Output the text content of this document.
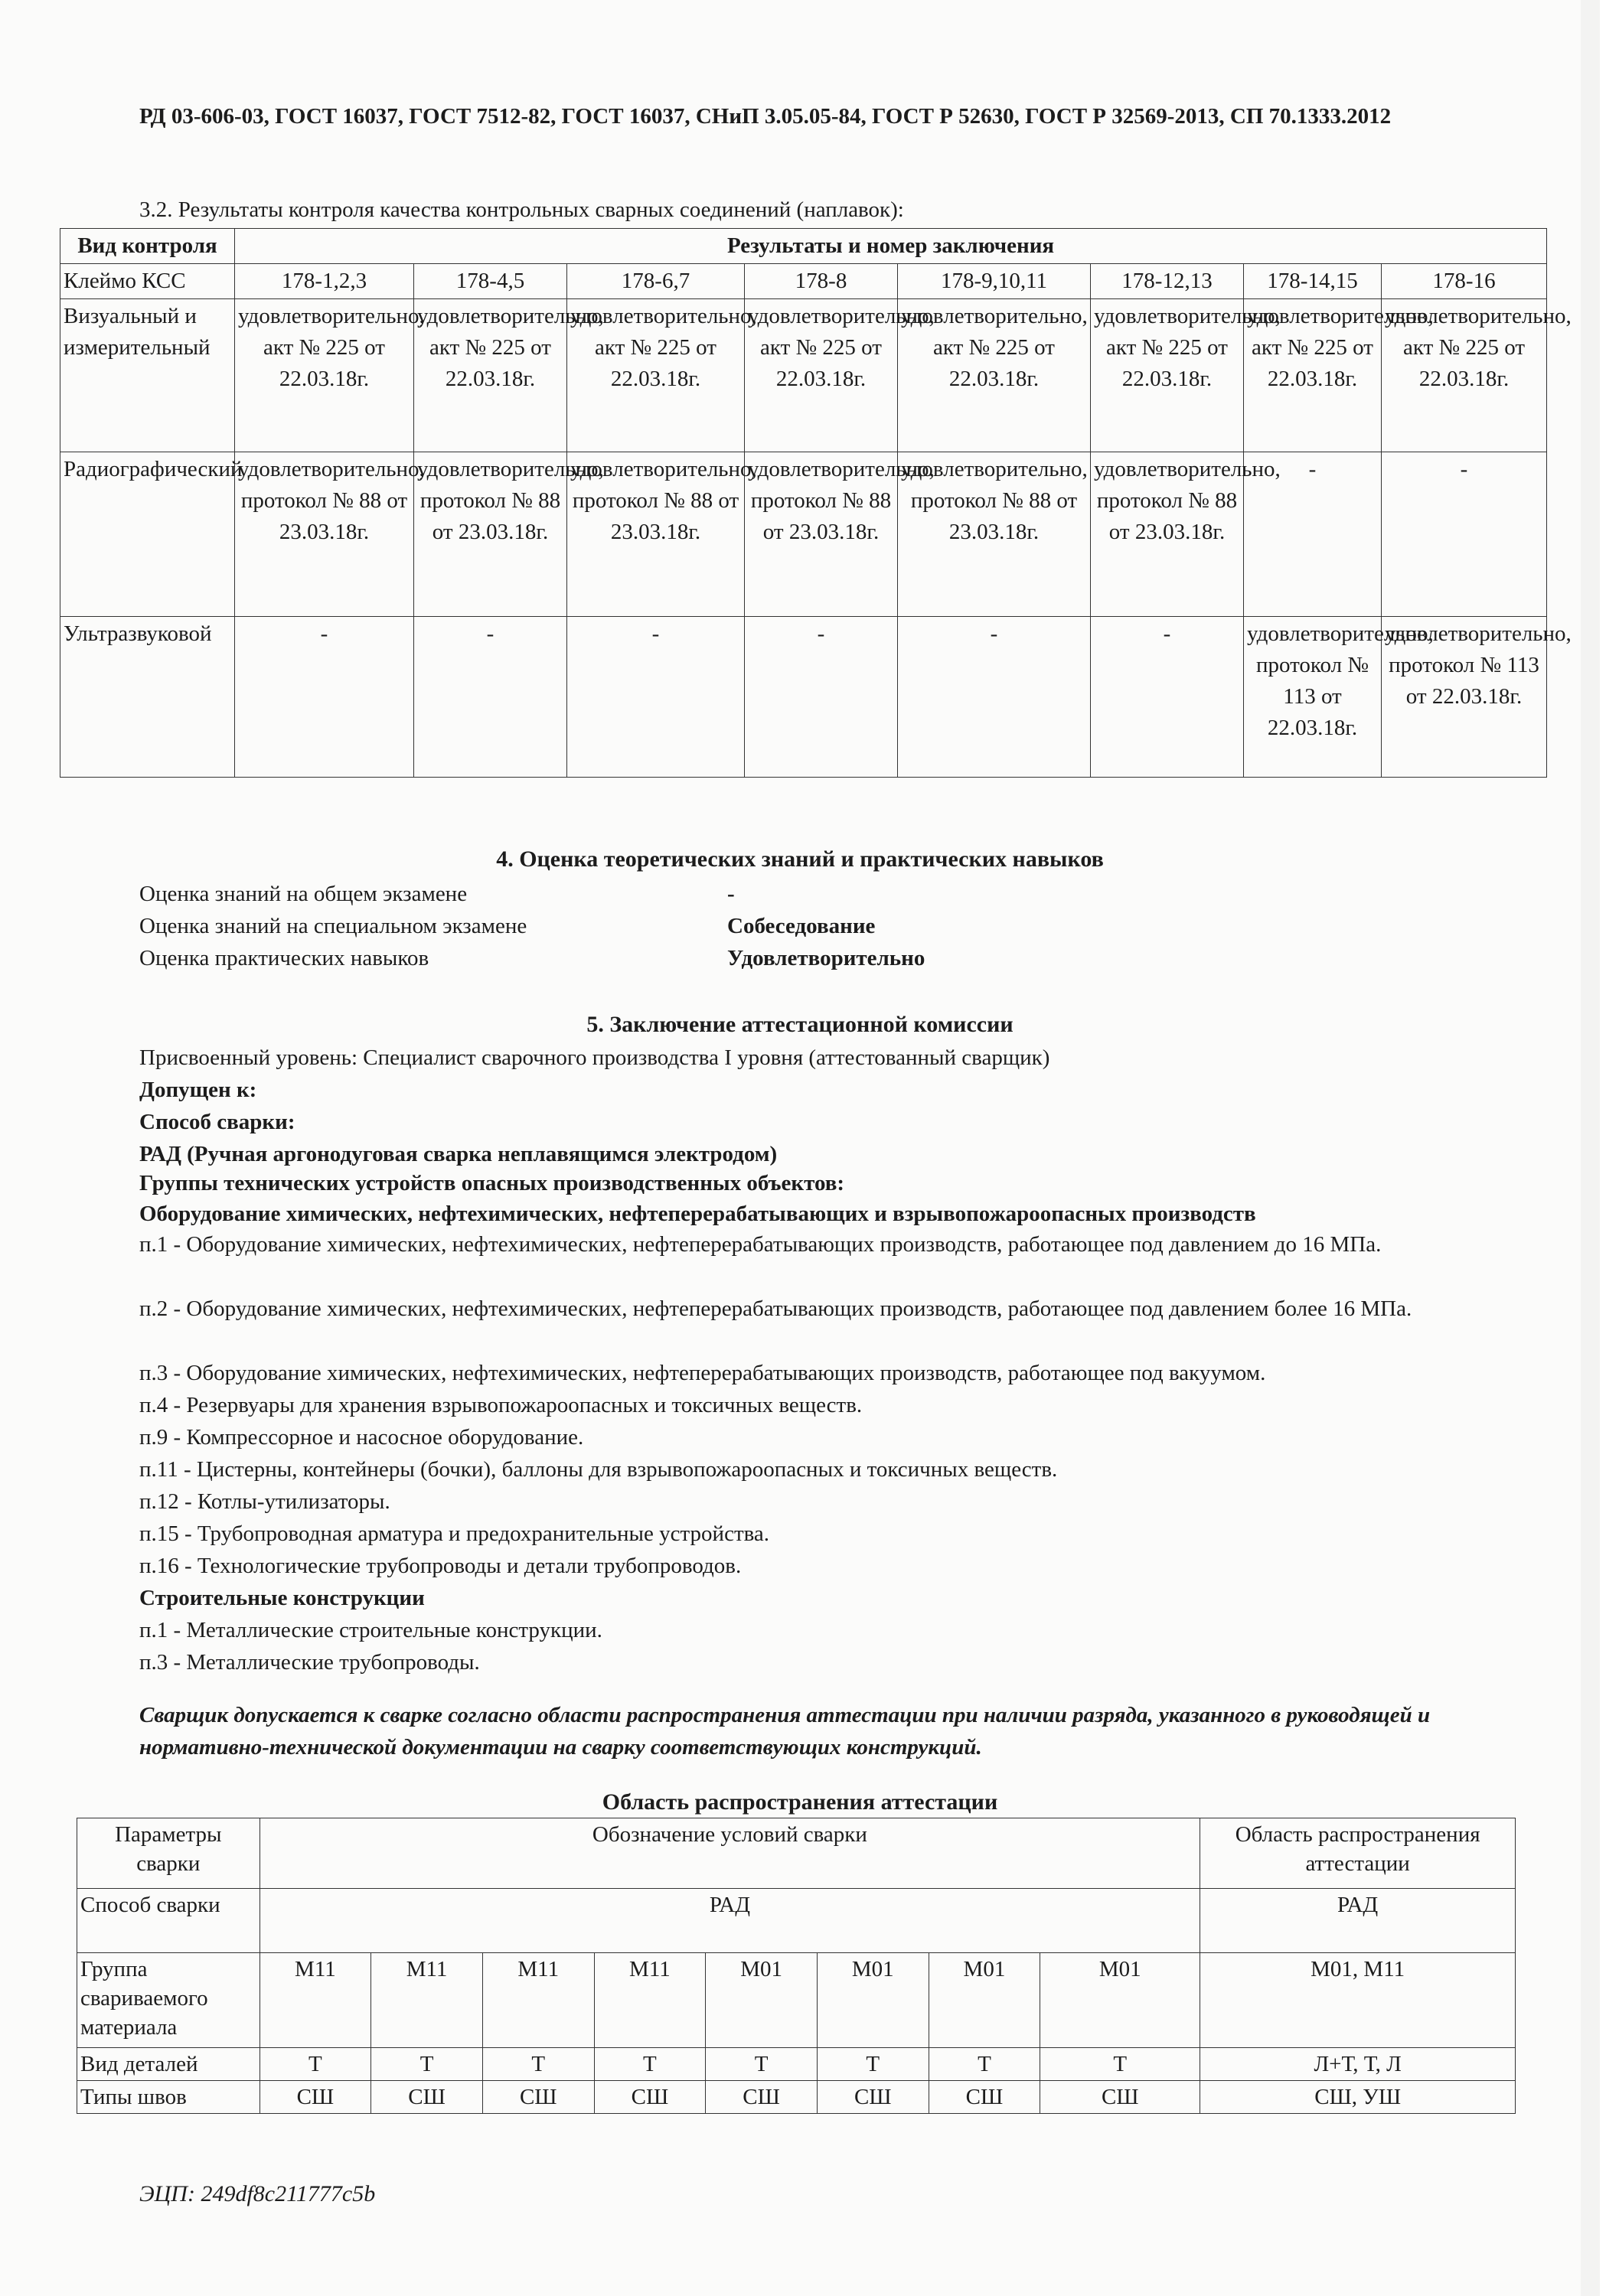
РД 03-606-03, ГОСТ 16037, ГОСТ 7512-82, ГОСТ 16037, СНиП 3.05.05-84, ГОСТ Р 52630, ГОСТ Р 32569-2013, СП 70.1333.2012
3.2. Результаты контроля качества контрольных сварных соединений (наплавок):
Вид контроля	Результаты и номер заключения							
Клеймо КСС	178-1,2,3	178-4,5	178-6,7	178-8	178-9,10,11	178-12,13	178-14,15	178-16
Визуальный и измерительный	удовлетворительно, акт № 225 от 22.03.18г.	удовлетворительно, акт № 225 от 22.03.18г.	удовлетворительно, акт № 225 от 22.03.18г.	удовлетворительно, акт № 225 от 22.03.18г.	удовлетворительно, акт № 225 от 22.03.18г.	удовлетворительно, акт № 225 от 22.03.18г.	удовлетворительно, акт № 225 от 22.03.18г.	удовлетворительно, акт № 225 от 22.03.18г.
Радиографический	удовлетворительно, протокол № 88 от 23.03.18г.	удовлетворительно, протокол № 88 от 23.03.18г.	удовлетворительно, протокол № 88 от 23.03.18г.	удовлетворительно, протокол № 88 от 23.03.18г.	удовлетворительно, протокол № 88 от 23.03.18г.	удовлетворительно, протокол № 88 от 23.03.18г.	-	-
Ультразвуковой	-	-	-	-	-	-	удовлетворительно, протокол № 113 от 22.03.18г.	удовлетворительно, протокол № 113 от 22.03.18г.
4. Оценка теоретических знаний и практических навыков
Оценка знаний на общем экзамене	-
Оценка знаний на специальном экзамене	Собеседование
Оценка практических навыков	Удовлетворительно
5. Заключение аттестационной комиссии
Присвоенный уровень: Специалист сварочного производства I уровня (аттестованный сварщик)
Допущен к:
Способ сварки:
РАД (Ручная аргонодуговая сварка неплавящимся электродом)
Группы технических устройств опасных производственных объектов:
Оборудование химических, нефтехимических, нефтеперерабатывающих и взрывопожароопасных производств
п.1 - Оборудование химических, нефтехимических, нефтеперерабатывающих производств, работающее под давлением до 16 МПа.
п.2 - Оборудование химических, нефтехимических, нефтеперерабатывающих производств, работающее под давлением более 16 МПа.
п.3 - Оборудование химических, нефтехимических, нефтеперерабатывающих производств, работающее под вакуумом.
п.4 - Резервуары для хранения взрывопожароопасных и токсичных веществ.
п.9 - Компрессорное и насосное оборудование.
п.11 - Цистерны, контейнеры (бочки), баллоны для взрывопожароопасных и токсичных веществ.
п.12 - Котлы-утилизаторы.
п.15 - Трубопроводная арматура и предохранительные устройства.
п.16 - Технологические трубопроводы и детали трубопроводов.
Строительные конструкции
п.1 - Металлические строительные конструкции.
п.3 - Металлические трубопроводы.
Сварщик допускается к сварке согласно области распространения аттестации при наличии разряда, указанного в руководящей и нормативно-технической документации на сварку соответствующих конструкций.
Область распространения аттестации
Параметры сварки	Обозначение условий сварки								Область распространения аттестации
Способ сварки	РАД								РАД
Группа свариваемого материала	М11	М11	М11	М11	М01	М01	М01	М01	М01, М11
Вид деталей	Т	Т	Т	Т	Т	Т	Т	Т	Л+Т, Т, Л
Типы швов	СШ	СШ	СШ	СШ	СШ	СШ	СШ	СШ	СШ, УШ
ЭЦП: 249df8c211777c5b
